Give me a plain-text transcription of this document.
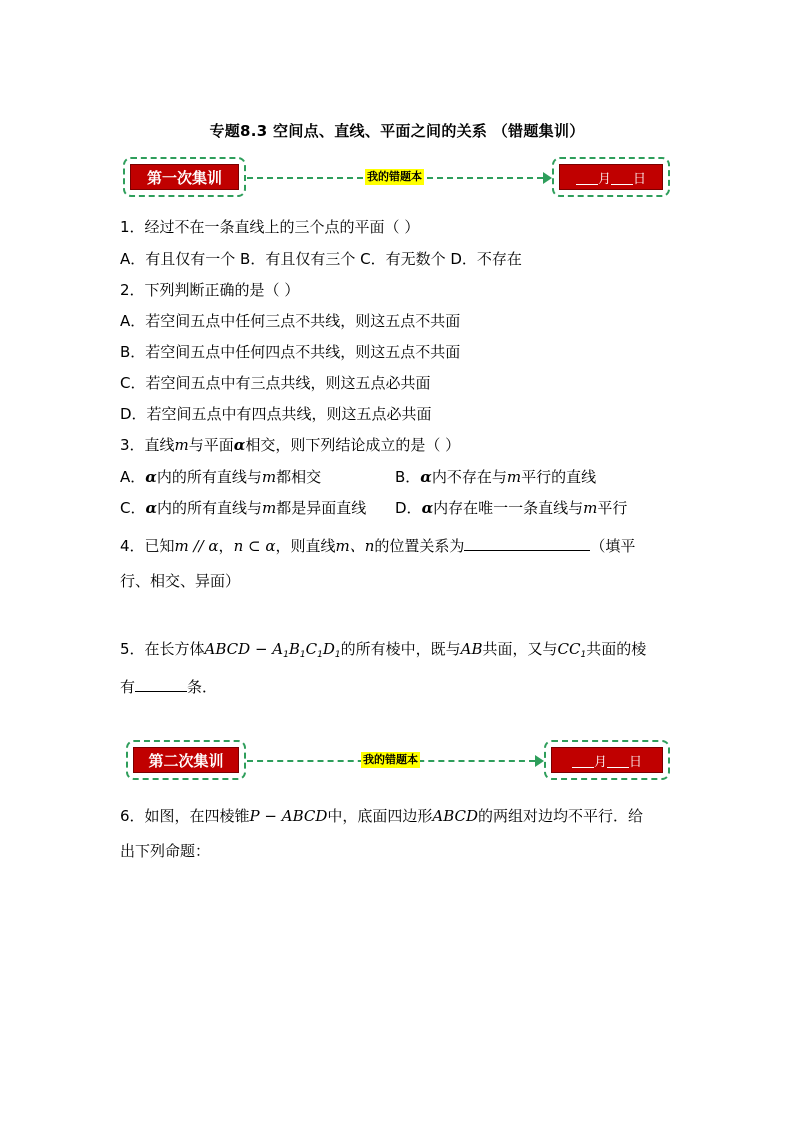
专题8.3 空间点、直线、平面之间的关系 （错题集训）
第一次集训	我的错题本	月 日
1．经过不在一条直线上的三个点的平面（ ）
A．有且仅有一个 B．有且仅有三个 C．有无数个 D．不存在
2．下列判断正确的是（ ）
A．若空间五点中任何三点不共线，则这五点不共面
B．若空间五点中任何四点不共线，则这五点不共面
C．若空间五点中有三点共线，则这五点必共面
D．若空间五点中有四点共线，则这五点必共面
3．直线m与平面α相交，则下列结论成立的是（ ）
A．α内的所有直线与m都相交	B．α内不存在与m平行的直线
C．α内的所有直线与m都是异面直线 D．α内存在唯一一条直线与m平行
4．已知m // α，n ⊂ α，则直线m、n的位置关系为	（填平
行、相交、异面）
5．在长方体ABCD − $A_1B_1C_1D_1$的所有棱中，既与AB共面，又与$CC_1$共面的棱
有	条．
第二次集训	我的错题本	月 日
6．如图，在四棱锥P − ABCD中，底面四边形ABCD的两组对边均不平行．给
出下列命题：
